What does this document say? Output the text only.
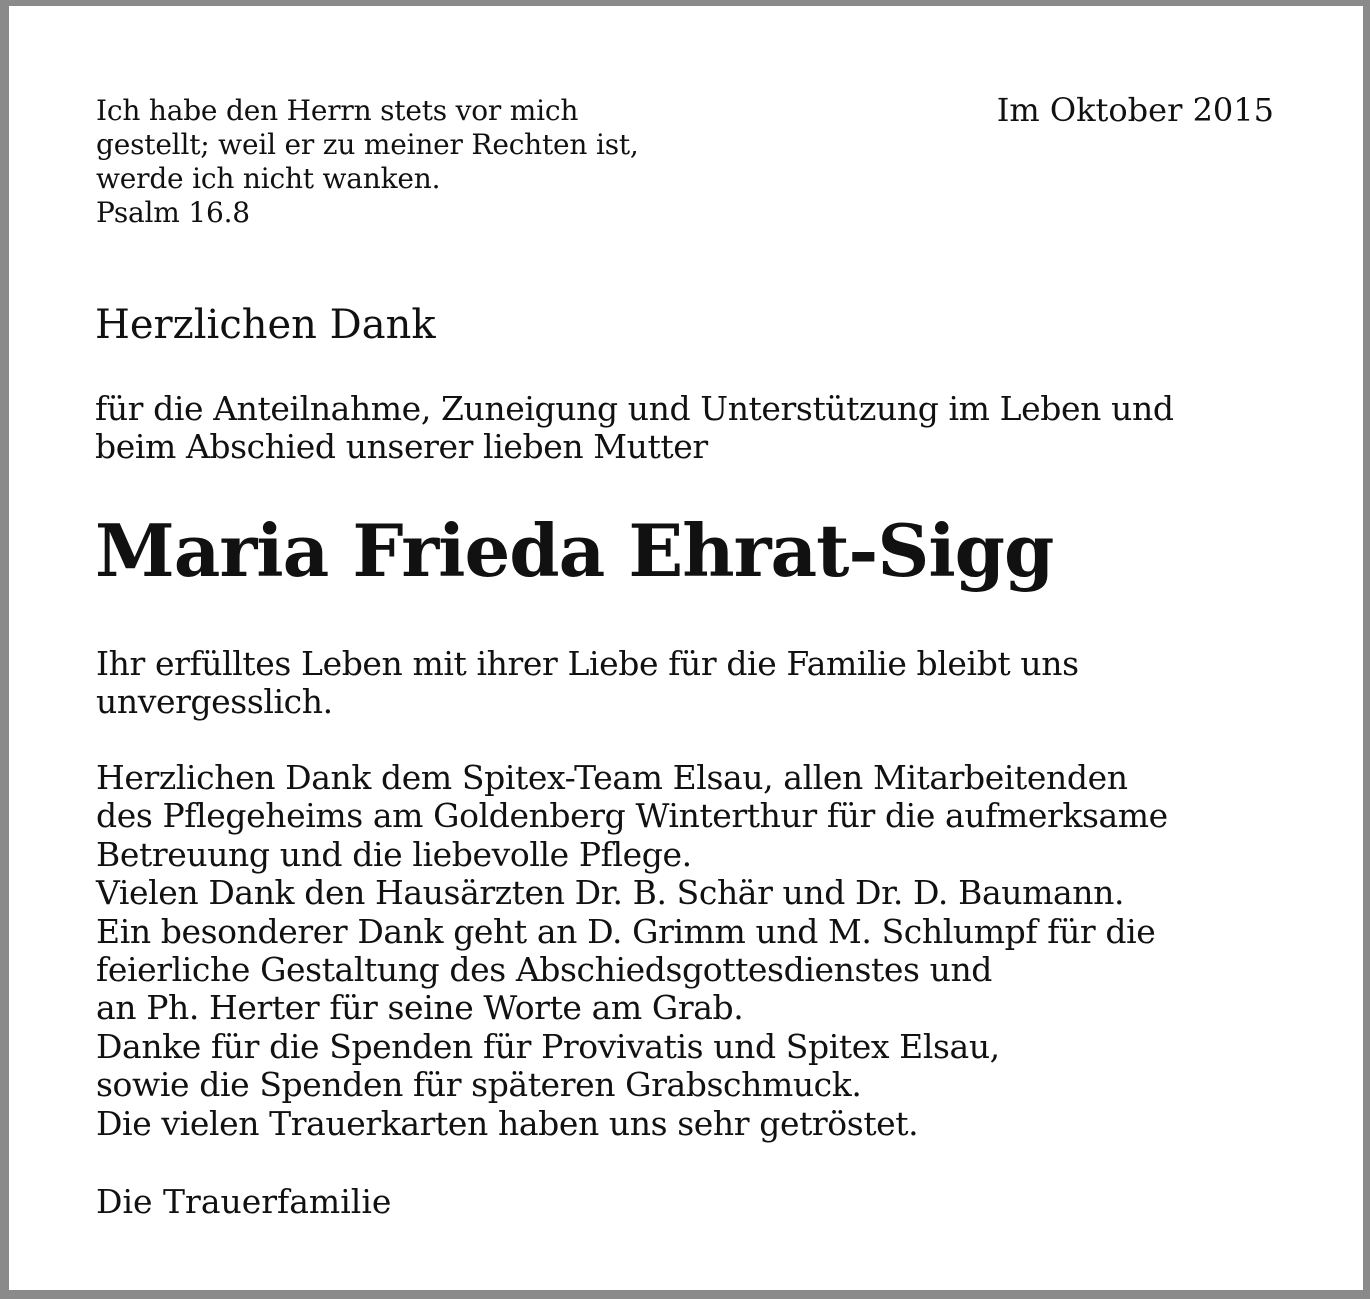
Ich habe den Herrn stets vor mich
gestellt; weil er zu meiner Rechten ist,
werde ich nicht wanken.
Psalm 16.8
Im Oktober 2015
Herzlichen Dank
für die Anteilnahme, Zuneigung und Unterstützung im Leben und
beim Abschied unserer lieben Mutter
Maria Frieda Ehrat-Sigg
Ihr erfülltes Leben mit ihrer Liebe für die Familie bleibt uns
unvergesslich.
Herzlichen Dank dem Spitex-Team Elsau, allen Mitarbeitenden
des Pflegeheims am Goldenberg Winterthur für die aufmerksame
Betreuung und die liebevolle Pflege.
Vielen Dank den Hausärzten Dr. B. Schär und Dr. D. Baumann.
Ein besonderer Dank geht an D. Grimm und M. Schlumpf für die
feierliche Gestaltung des Abschiedsgottesdienstes und
an Ph. Herter für seine Worte am Grab.
Danke für die Spenden für Provivatis und Spitex Elsau,
sowie die Spenden für späteren Grabschmuck.
Die vielen Trauerkarten haben uns sehr getröstet.
Die Trauerfamilie
